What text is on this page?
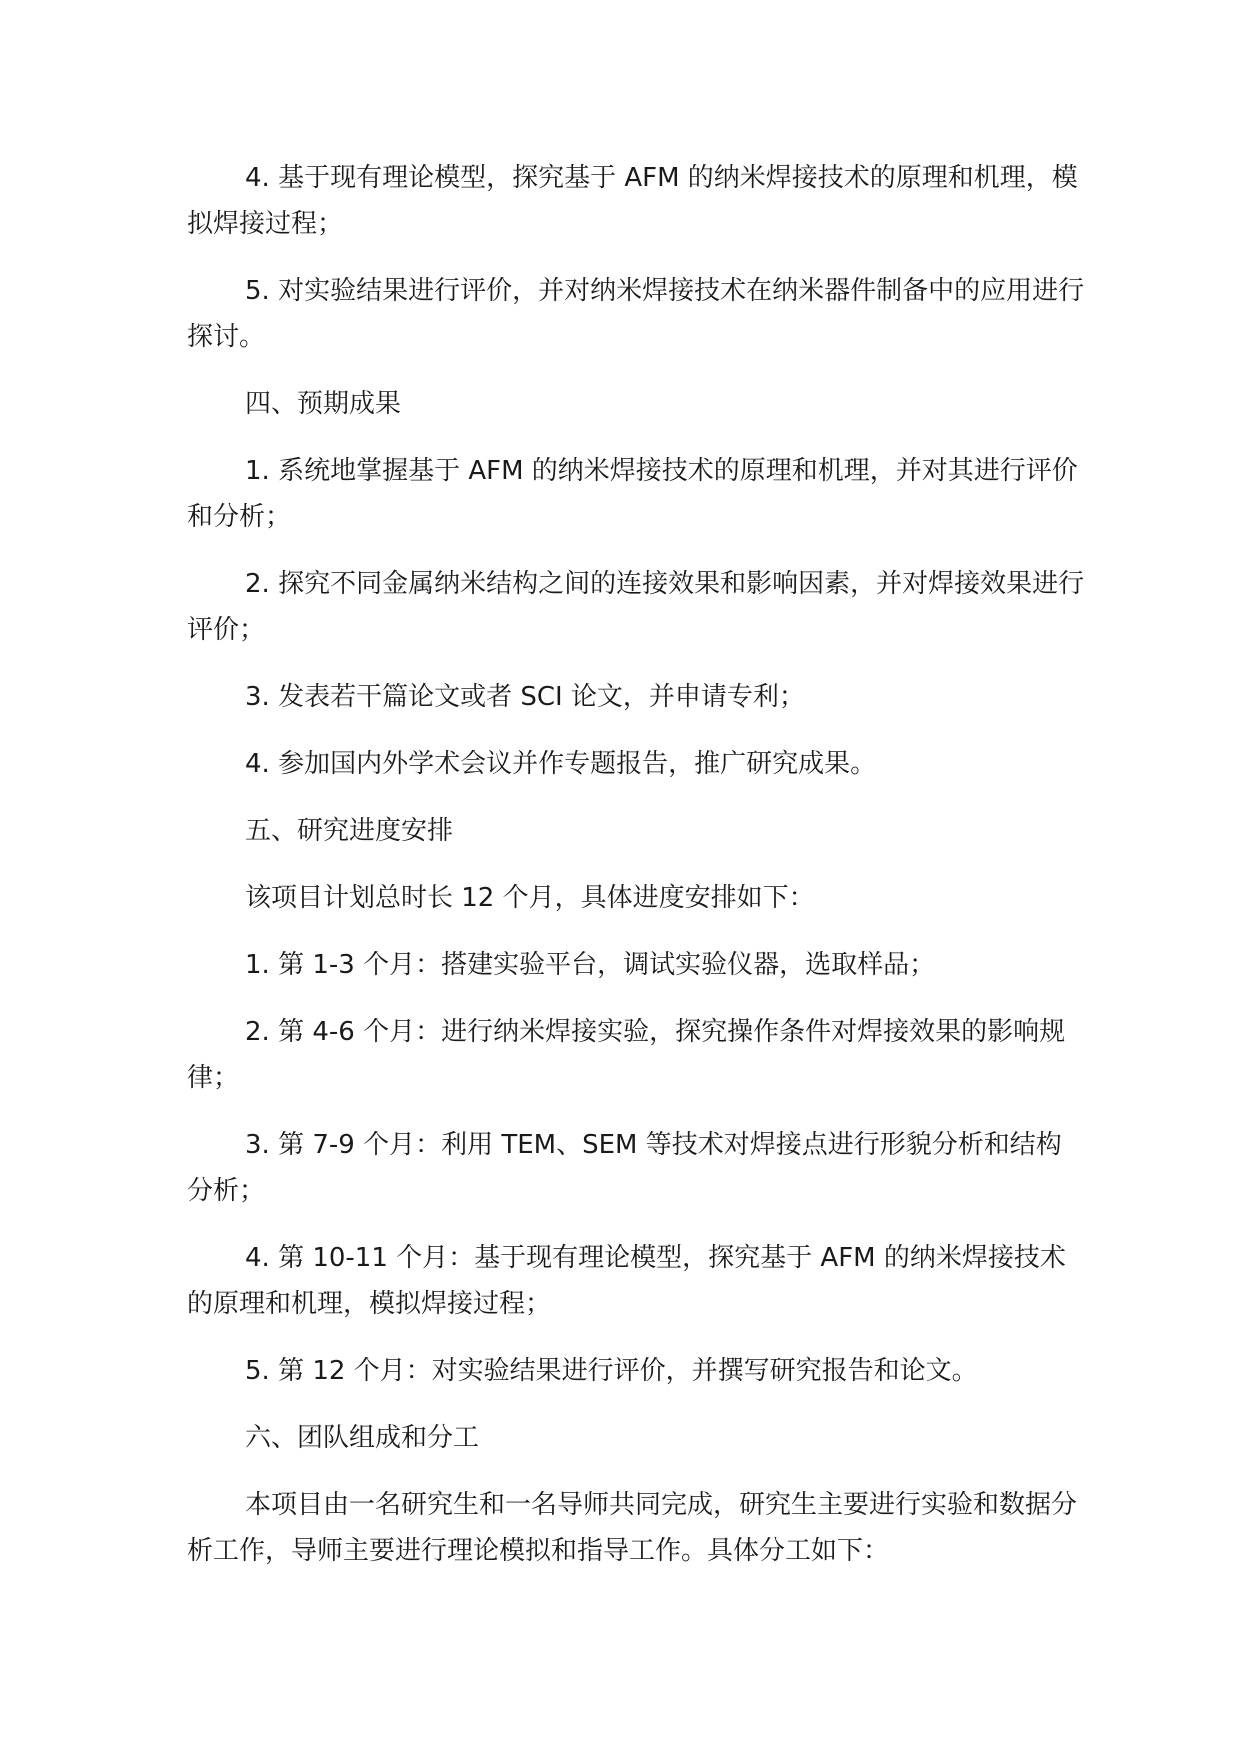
4. 基于现有理论模型，探究基于 AFM 的纳米焊接技术的原理和机理，模拟焊接过程；

5. 对实验结果进行评价，并对纳米焊接技术在纳米器件制备中的应用进行探讨。

四、预期成果

1. 系统地掌握基于 AFM 的纳米焊接技术的原理和机理，并对其进行评价和分析；

2. 探究不同金属纳米结构之间的连接效果和影响因素，并对焊接效果进行评价；

3. 发表若干篇论文或者 SCI 论文，并申请专利；

4. 参加国内外学术会议并作专题报告，推广研究成果。

五、研究进度安排

该项目计划总时长 12 个月，具体进度安排如下：

1. 第 1-3 个月：搭建实验平台，调试实验仪器，选取样品；

2. 第 4-6 个月：进行纳米焊接实验，探究操作条件对焊接效果的影响规律；

3. 第 7-9 个月：利用 TEM、SEM 等技术对焊接点进行形貌分析和结构分析；

4. 第 10-11 个月：基于现有理论模型，探究基于 AFM 的纳米焊接技术的原理和机理，模拟焊接过程；

5. 第 12 个月：对实验结果进行评价，并撰写研究报告和论文。

六、团队组成和分工

本项目由一名研究生和一名导师共同完成，研究生主要进行实验和数据分析工作，导师主要进行理论模拟和指导工作。具体分工如下：
